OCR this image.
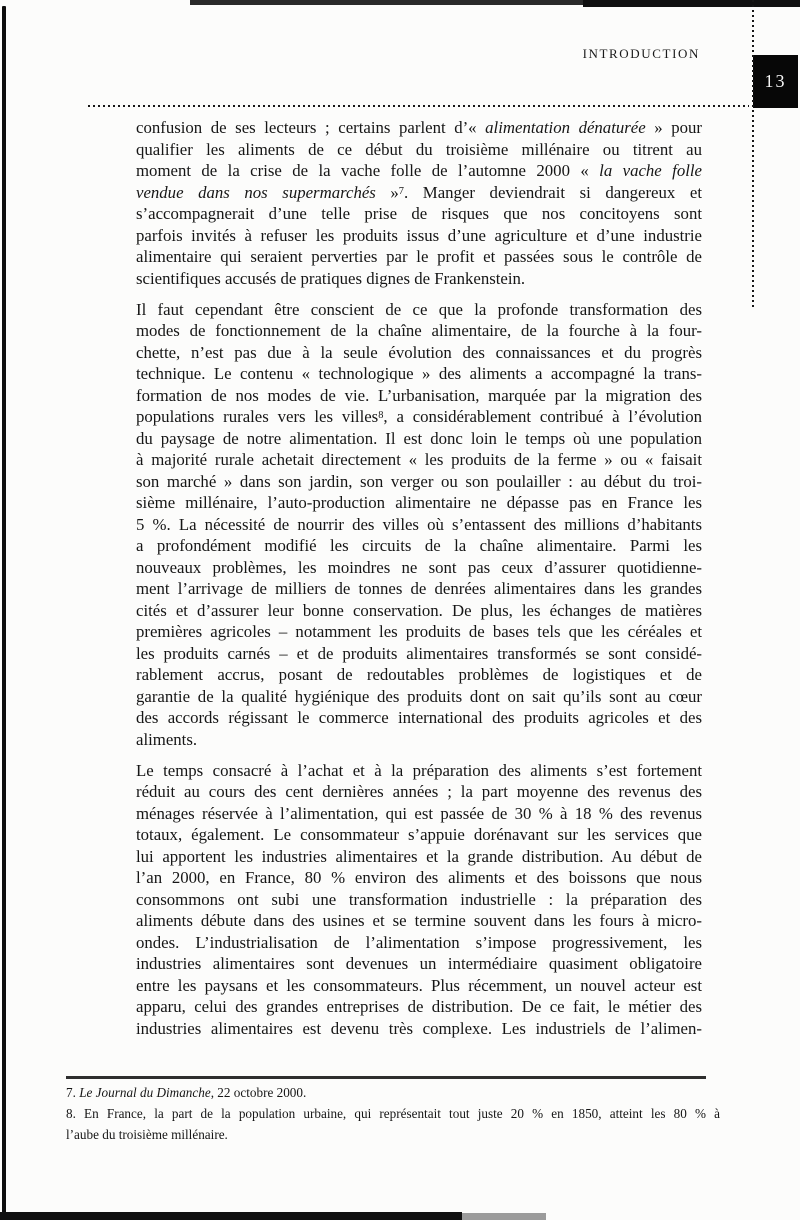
INTRODUCTION
13

confusion de ses lecteurs ; certains parlent d’« alimentation dénaturée » pour
qualifier les aliments de ce début du troisième millénaire ou titrent au
moment de la crise de la vache folle de l’automne 2000 « la vache folle
vendue dans nos supermarchés »$^7$. Manger deviendrait si dangereux et
s’accompagnerait d’une telle prise de risques que nos concitoyens sont
parfois invités à refuser les produits issus d’une agriculture et d’une industrie
alimentaire qui seraient perverties par le profit et passées sous le contrôle de
scientifiques accusés de pratiques dignes de Frankenstein.

Il faut cependant être conscient de ce que la profonde transformation des
modes de fonctionnement de la chaîne alimentaire, de la fourche à la four-
chette, n’est pas due à la seule évolution des connaissances et du progrès
technique. Le contenu « technologique » des aliments a accompagné la trans-
formation de nos modes de vie. L’urbanisation, marquée par la migration des
populations rurales vers les villes$^8$, a considérablement contribué à l’évolution
du paysage de notre alimentation. Il est donc loin le temps où une population
à majorité rurale achetait directement « les produits de la ferme » ou « faisait
son marché » dans son jardin, son verger ou son poulailler : au début du troi-
sième millénaire, l’auto-production alimentaire ne dépasse pas en France les
5 %. La nécessité de nourrir des villes où s’entassent des millions d’habitants
a profondément modifié les circuits de la chaîne alimentaire. Parmi les
nouveaux problèmes, les moindres ne sont pas ceux d’assurer quotidienne-
ment l’arrivage de milliers de tonnes de denrées alimentaires dans les grandes
cités et d’assurer leur bonne conservation. De plus, les échanges de matières
premières agricoles – notamment les produits de bases tels que les céréales et
les produits carnés – et de produits alimentaires transformés se sont considé-
rablement accrus, posant de redoutables problèmes de logistiques et de
garantie de la qualité hygiénique des produits dont on sait qu’ils sont au cœur
des accords régissant le commerce international des produits agricoles et des
aliments.

Le temps consacré à l’achat et à la préparation des aliments s’est fortement
réduit au cours des cent dernières années ; la part moyenne des revenus des
ménages réservée à l’alimentation, qui est passée de 30 % à 18 % des revenus
totaux, également. Le consommateur s’appuie dorénavant sur les services que
lui apportent les industries alimentaires et la grande distribution. Au début de
l’an 2000, en France, 80 % environ des aliments et des boissons que nous
consommons ont subi une transformation industrielle : la préparation des
aliments débute dans des usines et se termine souvent dans les fours à micro-
ondes. L’industrialisation de l’alimentation s’impose progressivement, les
industries alimentaires sont devenues un intermédiaire quasiment obligatoire
entre les paysans et les consommateurs. Plus récemment, un nouvel acteur est
apparu, celui des grandes entreprises de distribution. De ce fait, le métier des
industries alimentaires est devenu très complexe. Les industriels de l’alimen-

7. Le Journal du Dimanche, 22 octobre 2000.

8. En France, la part de la population urbaine, qui représentait tout juste 20 % en 1850, atteint les 80 % à
l’aube du troisième millénaire.
